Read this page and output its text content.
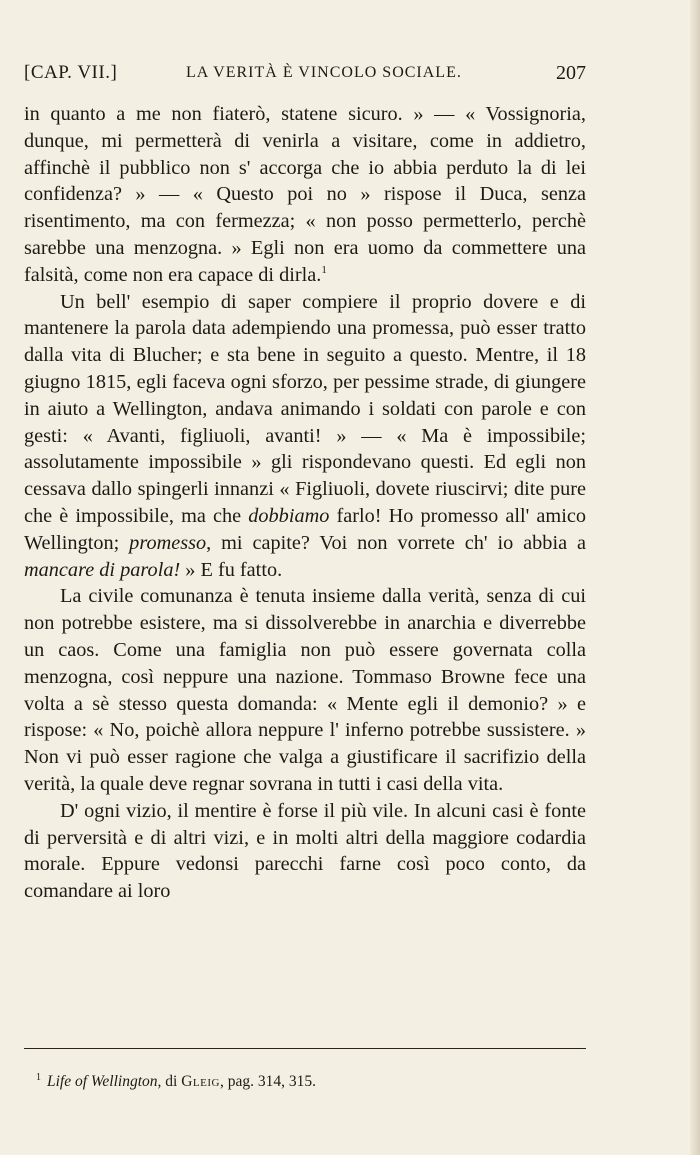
[CAP. VII.]	LA VERITÀ È VINCOLO SOCIALE.	207

in quanto a me non fiaterò, statene sicuro. » — « Vossignoria, dunque, mi permetterà di venirla a visitare, come in addietro, affinchè il pubblico non s' accorga che io abbia perduto la di lei confidenza? » — « Questo poi no » rispose il Duca, senza risentimento, ma con fermezza; « non posso permetterlo, perchè sarebbe una menzogna. » Egli non era uomo da commettere una falsità, come non era capace di dirla.$^1$

Un bell' esempio di saper compiere il proprio dovere e di mantenere la parola data adempiendo una promessa, può esser tratto dalla vita di Blucher; e sta bene in seguito a questo. Mentre, il 18 giugno 1815, egli faceva ogni sforzo, per pessime strade, di giungere in aiuto a Wellington, andava animando i soldati con parole e con gesti: « Avanti, figliuoli, avanti! » — « Ma è impossibile; assolutamente impossibile » gli rispondevano questi. Ed egli non cessava dallo spingerli innanzi « Figliuoli, dovete riuscirvi; dite pure che è impossibile, ma che dobbiamo farlo! Ho promesso all' amico Wellington; promesso, mi capite? Voi non vorrete ch' io abbia a mancare di parola! » E fu fatto.

La civile comunanza è tenuta insieme dalla verità, senza di cui non potrebbe esistere, ma si dissolverebbe in anarchia e diverrebbe un caos. Come una famiglia non può essere governata colla menzogna, così neppure una nazione. Tommaso Browne fece una volta a sè stesso questa domanda: « Mente egli il demonio? » e rispose: « No, poichè allora neppure l' inferno potrebbe sussistere. » Non vi può esser ragione che valga a giustificare il sacrifizio della verità, la quale deve regnar sovrana in tutti i casi della vita.

D' ogni vizio, il mentire è forse il più vile. In alcuni casi è fonte di perversità e di altri vizi, e in molti altri della maggiore codardia morale. Eppure vedonsi parecchi farne così poco conto, da comandare ai loro

$^1$ Life of Wellington, di Gleig, pag. 314, 315.
